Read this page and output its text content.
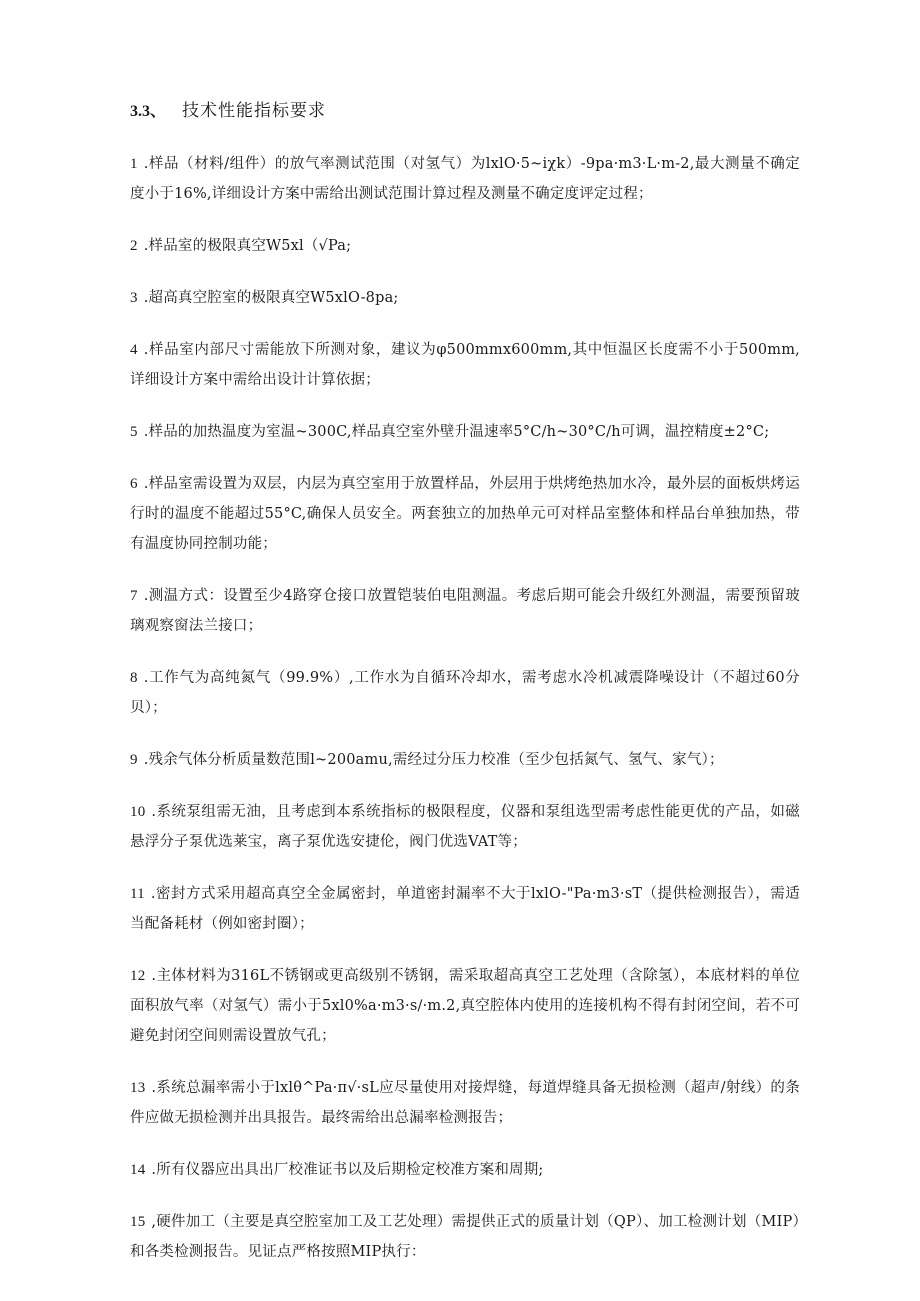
3.3、 技术性能指标要求
1 .样品（材料/组件）的放气率测试范围（对氢气）为lxlO·5~iχk）-9pa·m3·L·m-2,最大测量不确定度小于16%,详细设计方案中需给出测试范围计算过程及测量不确定度评定过程；
2 .样品室的极限真空W5xl（√Pa;
3 .超高真空腔室的极限真空W5xlO-8pa;
4 .样品室内部尺寸需能放下所测对象，建议为φ500mmx600mm,其中恒温区长度需不小于500mm,详细设计方案中需给出设计计算依据；
5 .样品的加热温度为室温~300C,样品真空室外壁升温速率5°C∕h~30°C∕h可调，温控精度±2°C;
6 .样品室需设置为双层，内层为真空室用于放置样品，外层用于烘烤绝热加水冷，最外层的面板烘烤运行时的温度不能超过55°C,确保人员安全。两套独立的加热单元可对样品室整体和样品台单独加热，带有温度协同控制功能；
7 .测温方式：设置至少4路穿仓接口放置铠装伯电阻测温。考虑后期可能会升级红外测温，需要预留玻璃观察窗法兰接口；
8 .工作气为高纯氮气（99.9%）,工作水为自循环冷却水，需考虑水冷机减震降噪设计（不超过60分贝）；
9 .残余气体分析质量数范围l~200amu,需经过分压力校准（至少包括氮气、氢气、家气）；
10 .系统泵组需无油，且考虑到本系统指标的极限程度，仪器和泵组选型需考虑性能更优的产品，如磁悬浮分子泵优选莱宝，离子泵优选安捷伦，阀门优选VAT等；
11 .密封方式采用超高真空全金属密封，单道密封漏率不大于lxlO-"Pa·m3·sT（提供检测报告），需适当配备耗材（例如密封圈）；
12 .主体材料为316L不锈钢或更高级别不锈钢，需采取超高真空工艺处理（含除氢），本底材料的单位面积放气率（对氢气）需小于5xl0%a·m3·s∕·m.2,真空腔体内使用的连接机构不得有封闭空间，若不可避免封闭空间则需设置放气孔；
13 .系统总漏率需小于lxlθ^Pa·π√·sL应尽量使用对接焊缝，每道焊缝具备无损检测（超声/射线）的条件应做无损检测并出具报告。最终需给出总漏率检测报告；
14 .所有仪器应出具出厂校准证书以及后期检定校准方案和周期;
15 ,硬件加工（主要是真空腔室加工及工艺处理）需提供正式的质量计划（QP）、加工检测计划（MIP）和各类检测报告。见证点严格按照MIP执行：
